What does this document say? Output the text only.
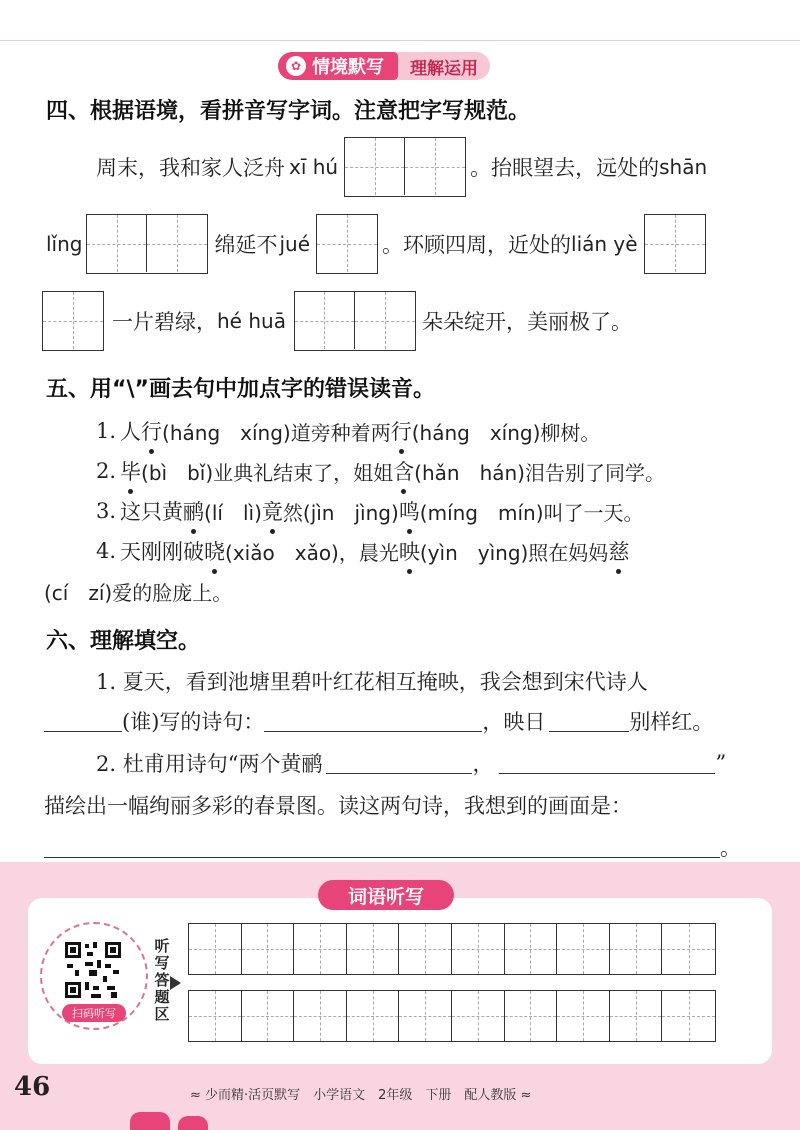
✿ 情境默写	理解运用
四、根据语境，看拼音写字词。注意把字写规范。
周末，我和家人泛舟 xī hú	。抬眼望去，远处的 shān
lǐng	绵延不 jué	。环顾四周，近处的 lián yè
一片碧绿， hé huā	朵朵绽开，美丽极了。
五、用“\”画去句中加点字的错误读音。
1. 人 行 (háng　xíng)道旁种着两 行 (háng　xíng)柳树。
2. 毕 (bì　bǐ)业典礼结束了，姐姐 含 (hǎn　hán)泪告别了同学。
3. 这只黄 鹂 (lí　lì) 竟 然(jìn　jìng) 鸣 (míng　mín)叫了一天。
4. 天刚刚破 晓 (xiǎo　xǎo)，晨光 映 (yìn　yìng)照在妈妈 慈
(cí　zí)爱的脸庞上。
六、理解填空。
1. 夏天，看到池塘里碧叶红花相互掩映，我会想到宋代诗人
(谁)写的诗句：	，映日	别样红。
2. 杜甫用诗句“两个黄鹂	，	”
描绘出一幅绚丽多彩的春景图。读这两句诗，我想到的画面是：
。
词语听写
扫码听写
听写答题区
46	≈ 少而精·活页默写　小学语文　2年级　下册　配人教版 ≈
